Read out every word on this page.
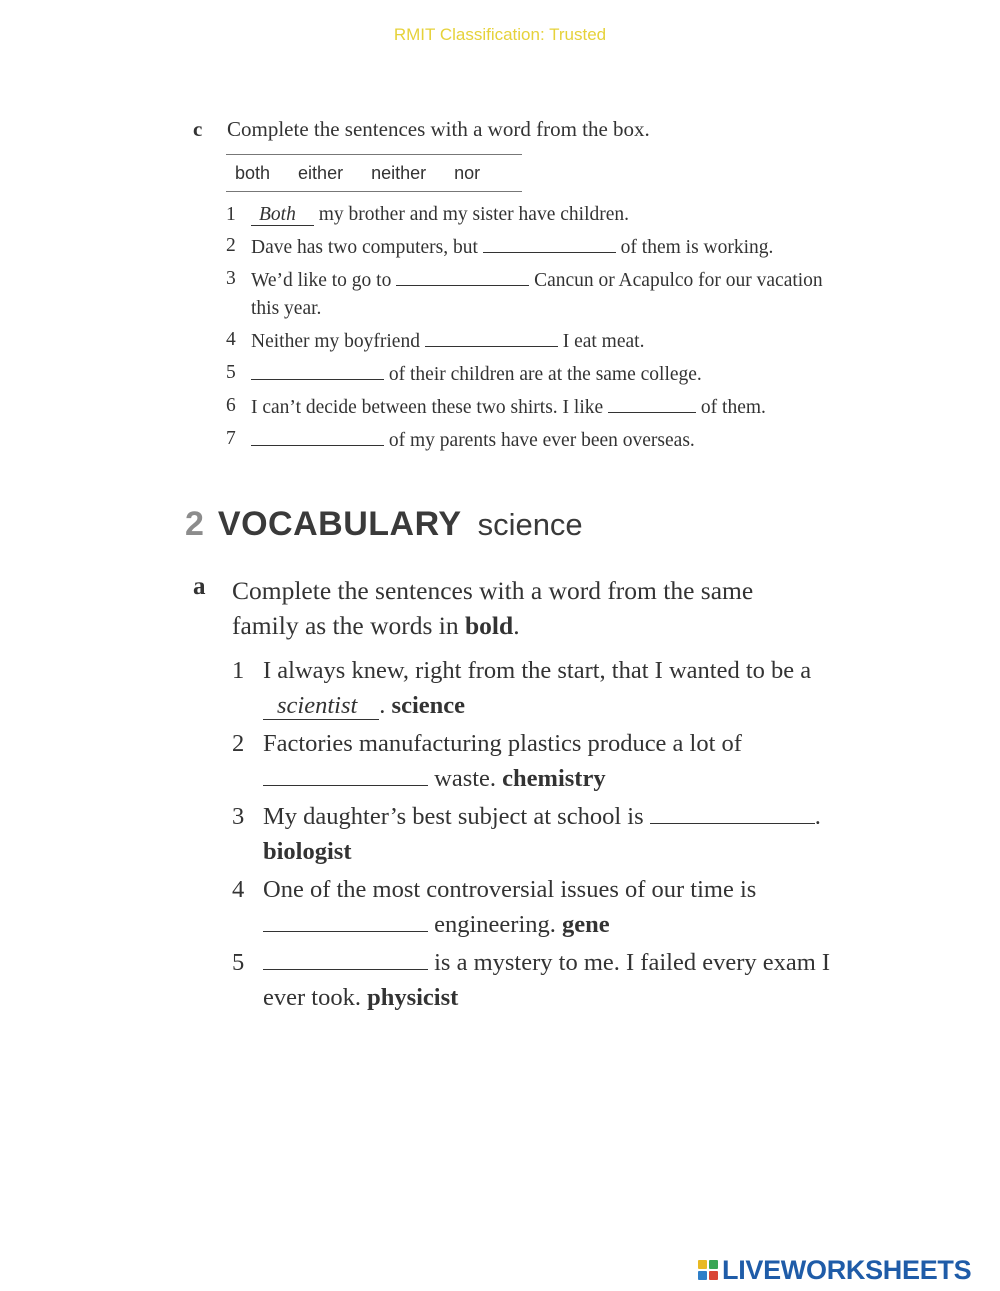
RMIT Classification: Trusted
c Complete the sentences with a word from the box.
both either neither nor
1 Both my brother and my sister have children.
2 Dave has two computers, but	of them is working.
3 We’d like to go to	Cancun or Acapulco for our vacation this year.
4 Neither my boyfriend	I eat meat.
5	of their children are at the same college.
6 I can’t decide between these two shirts. I like	of them.
7	of my parents have ever been overseas.
2 VOCABULARY science
a Complete the sentences with a word from the same family as the words in bold.
1 I always knew, right from the start, that I wanted to be a scientist . science
2 Factories manufacturing plastics produce a lot of waste. chemistry
3 My daughter’s best subject at school is	. biologist
4 One of the most controversial issues of our time is  engineering. gene
5	is a mystery to me. I failed every exam I ever took. physicist
LIVEWORKSHEETS
